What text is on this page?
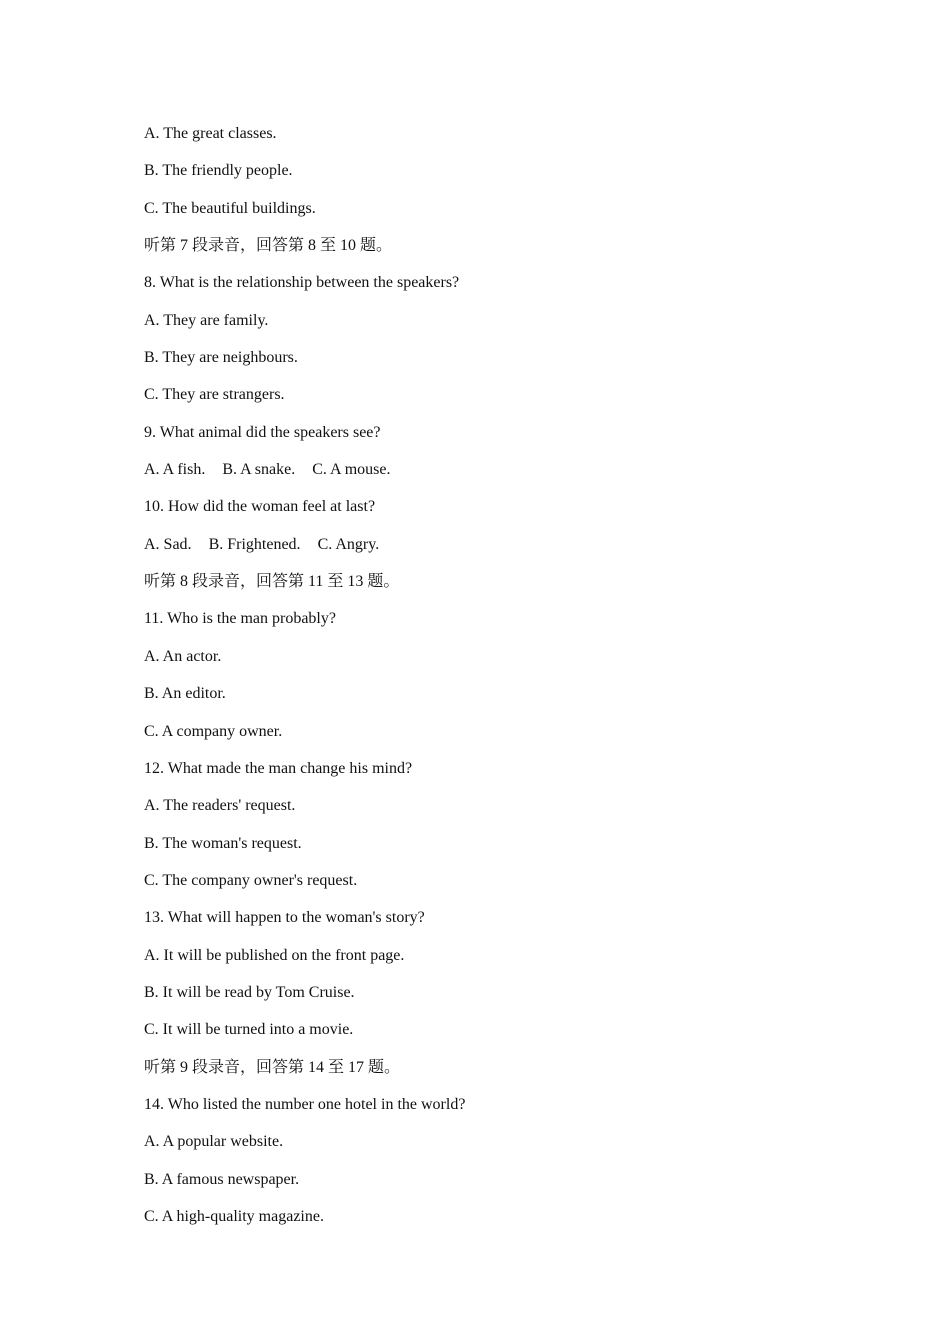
A. The great classes.
B. The friendly people.
C. The beautiful buildings.
听第 7 段录音，回答第 8 至 10 题。
8. What is the relationship between the speakers?
A. They are family.
B. They are neighbours.
C. They are strangers.
9. What animal did the speakers see?
A. A fish. B. A snake. C. A mouse.
10. How did the woman feel at last?
A. Sad. B. Frightened. C. Angry.
听第 8 段录音，回答第 11 至 13 题。
11. Who is the man probably?
A. An actor.
B. An editor.
C. A company owner.
12. What made the man change his mind?
A. The readers' request.
B. The woman's request.
C. The company owner's request.
13. What will happen to the woman's story?
A. It will be published on the front page.
B. It will be read by Tom Cruise.
C. It will be turned into a movie.
听第 9 段录音，回答第 14 至 17 题。
14. Who listed the number one hotel in the world?
A. A popular website.
B. A famous newspaper.
C. A high-quality magazine.
